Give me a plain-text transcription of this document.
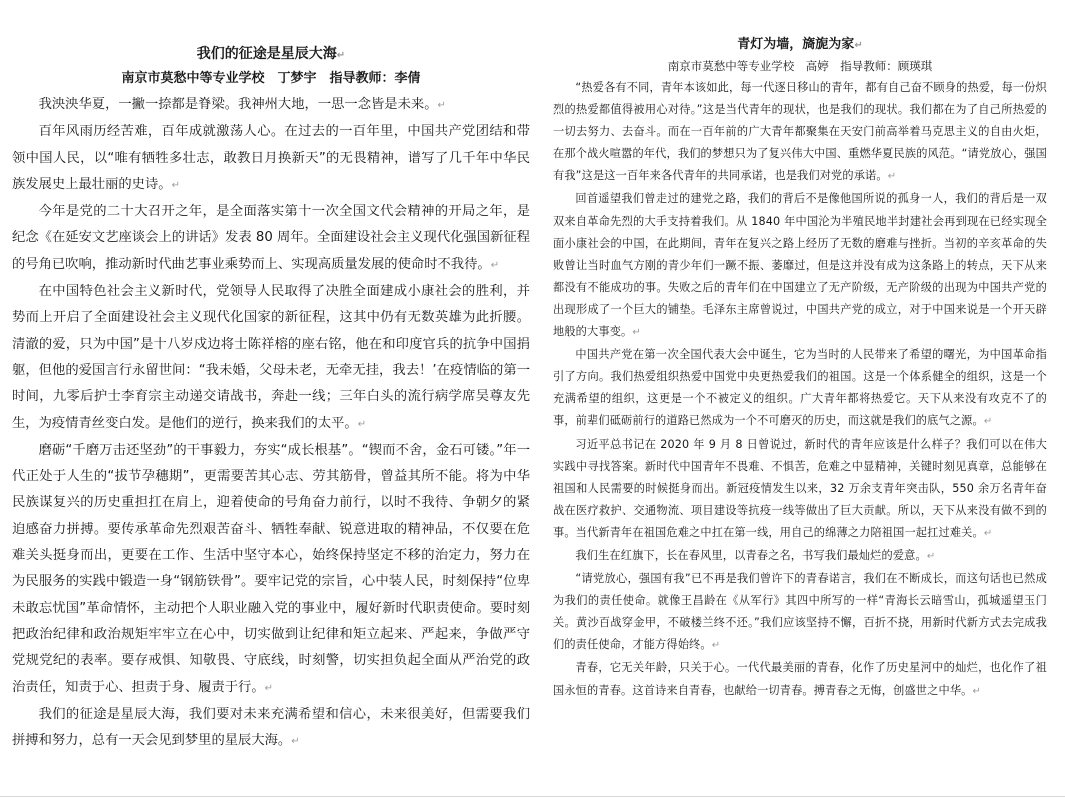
我们的征途是星辰大海↵
南京市莫愁中等专业学校　丁梦宇　指导教师：李倩

我泱泱华夏，一撇一捺都是脊梁。我神州大地，一思一念皆是未来。↵

百年风雨历经苦难，百年成就激荡人心。在过去的一百年里，中国共产党团结和带领中国人民，以“唯有牺牲多壮志，敢教日月换新天”的无畏精神，谱写了几千年中华民族发展史上最壮丽的史诗。↵

今年是党的二十大召开之年，是全面落实第十一次全国文代会精神的开局之年，是纪念《在延安文艺座谈会上的讲话》发表 80 周年。全面建设社会主义现代化强国新征程的号角已吹响，推动新时代曲艺事业乘势而上、实现高质量发展的使命时不我待。↵

在中国特色社会主义新时代，党领导人民取得了决胜全面建成小康社会的胜利，并势而上开启了全面建设社会主义现代化国家的新征程，这其中仍有无数英雄为此折腰。清澈的爱，只为中国”是十八岁戍边将士陈祥榕的座右铭，他在和印度官兵的抗争中国捐躯，但他的爱国言行永留世间：“我未婚，父母未老，无牵无挂，我去！’在疫情临的第一时间，九零后护士李育宗主动递交请战书，奔赴一线；三年白头的流行病学席吴尊友先生，为疫情青丝变白发。是他们的逆行，换来我们的太平。↵

磨砺“千磨万击还坚劲”的干事毅力，夯实“成长根基”。“锲而不舍，金石可镂。”年一代正处于人生的“拔节孕穗期”，更需要苦其心志、劳其筋骨，曾益其所不能。将为中华民族谋复兴的历史重担扛在肩上，迎着使命的号角奋力前行，以时不我待、争朝夕的紧迫感奋力拼搏。要传承革命先烈艰苦奋斗、牺牲奉献、锐意进取的精神品，不仅要在危难关头挺身而出，更要在工作、生活中坚守本心，始终保持坚定不移的治定力，努力在为民服务的实践中锻造一身“钢筋铁骨”。要牢记党的宗旨，心中装人民，时刻保持“位卑未敢忘忧国”革命情怀，主动把个人职业融入党的事业中，履好新时代职责使命。要时刻把政治纪律和政治规矩牢牢立在心中，切实做到让纪律和矩立起来、严起来，争做严守党规党纪的表率。要存戒惧、知敬畏、守底线，时刻警，切实担负起全面从严治党的政治责任，知责于心、担责于身、履责于行。↵

我们的征途是星辰大海，我们要对未来充满希望和信心，未来很美好，但需要我们拼搏和努力，总有一天会见到梦里的星辰大海。↵

青灯为墙，旖旎为家↵
南京市莫愁中等专业学校　高婷　指导教师：顾瑛琪

“热爱各有不同，青年本该如此，每一代逐日移山的青年，都有自己奋不顾身的热爱，每一份炽烈的热爱都值得被用心对待。”这是当代青年的现状，也是我们的现状。我们都在为了自己所热爱的一切去努力、去奋斗。而在一百年前的广大青年都聚集在天安门前高举着马克思主义的自由火炬，在那个战火喧嚣的年代，我们的梦想只为了复兴伟大中国、重燃华夏民族的风范。“请党放心，强国有我”这是这一百年来各代青年的共同承诺，也是我们对党的承诺。↵

回首遥望我们曾走过的建党之路，我们的背后不是像他国所说的孤身一人，我们的背后是一双双来自革命先烈的大手支持着我们。从 1840 年中国沦为半殖民地半封建社会再到现在已经实现全面小康社会的中国，在此期间，青年在复兴之路上经历了无数的磨难与挫折。当初的辛亥革命的失败曾让当时血气方刚的青少年们一蹶不振、萎靡过，但是这并没有成为这条路上的转点，天下从来都没有不能成功的事。失败之后的青年们在中国建立了无产阶级，无产阶级的出现为中国共产党的出现形成了一个巨大的铺垫。毛泽东主席曾说过，中国共产党的成立，对于中国来说是一个开天辟地般的大事变。↵

中国共产党在第一次全国代表大会中诞生，它为当时的人民带来了希望的曙光，为中国革命指引了方向。我们热爱组织热爱中国党中央更热爱我们的祖国。这是一个体系健全的组织，这是一个充满希望的组织，这更是一个不被定义的组织。广大青年都将热爱它。天下从来没有攻克不了的事，前辈们砥砺前行的道路已然成为一个不可磨灭的历史，而这就是我们的底气之源。↵

习近平总书记在 2020 年 9 月 8 日曾说过，新时代的青年应该是什么样子？我们可以在伟大实践中寻找答案。新时代中国青年不畏难、不惧苦，危难之中显精神，关键时刻见真章，总能够在祖国和人民需要的时候挺身而出。新冠疫情发生以来，32 万余支青年突击队，550 余万名青年奋战在医疗救护、交通物流、项目建设等抗疫一线等做出了巨大贡献。所以，天下从来没有做不到的事。当代新青年在祖国危难之中扛在第一线，用自己的绵薄之力陪祖国一起扛过难关。↵

我们生在红旗下，长在春风里，以青春之名，书写我们最灿烂的爱意。↵

“请党放心，强国有我”已不再是我们曾许下的青春诺言，我们在不断成长，而这句话也已然成为我们的责任使命。就像王昌龄在《从军行》其四中所写的一样“青海长云暗雪山，孤城遥望玉门关。黄沙百战穿金甲，不破楼兰终不还。”我们应该坚持不懈，百折不挠，用新时代新方式去完成我们的责任使命，才能方得始终。↵

青春，它无关年龄，只关于心。一代代最美丽的青春，化作了历史星河中的灿烂，也化作了祖国永恒的青春。这首诗来自青春，也献给一切青春。搏青春之无悔，创盛世之中华。↵
